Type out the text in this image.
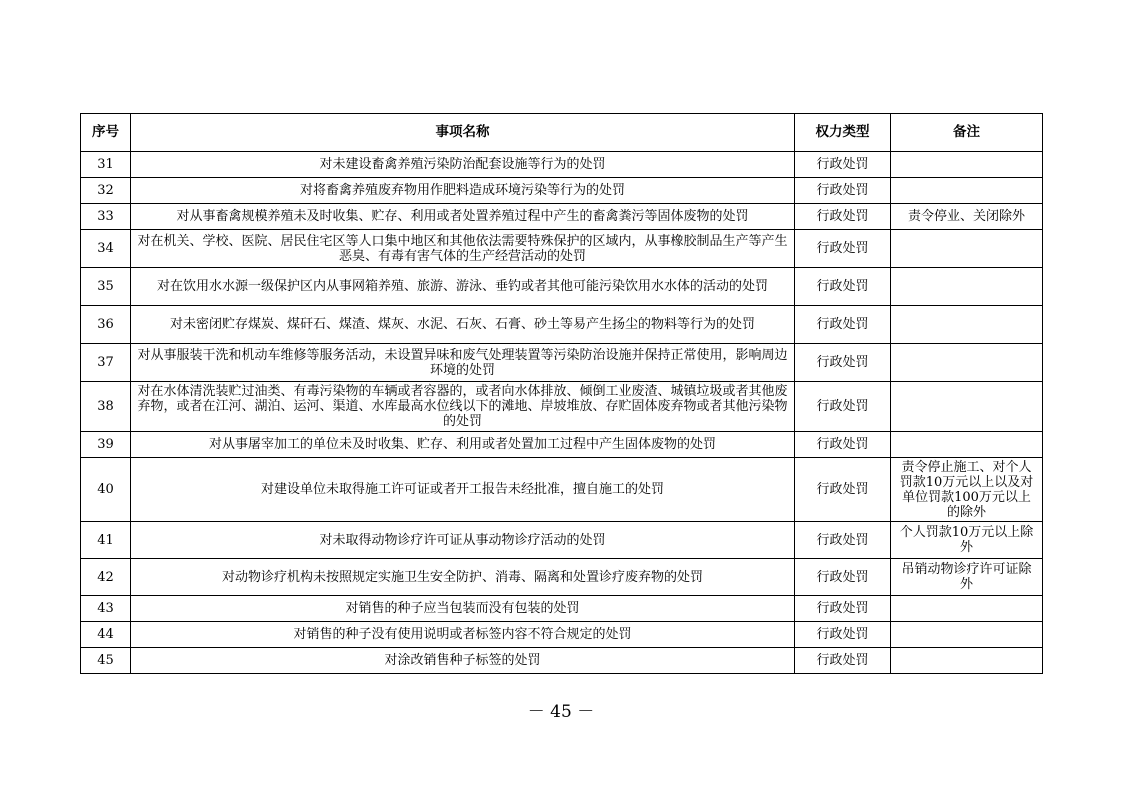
序号	事项名称	权力类型	备注
31	对未建设畜禽养殖污染防治配套设施等行为的处罚	行政处罚	
32	对将畜禽养殖废弃物用作肥料造成环境污染等行为的处罚	行政处罚	
33	对从事畜禽规模养殖未及时收集、贮存、利用或者处置养殖过程中产生的畜禽粪污等固体废物的处罚	行政处罚	责令停业、关闭除外
34	对在机关、学校、医院、居民住宅区等人口集中地区和其他依法需要特殊保护的区域内，从事橡胶制品生产等产生恶臭、有毒有害气体的生产经营活动的处罚	行政处罚	
35	对在饮用水水源一级保护区内从事网箱养殖、旅游、游泳、垂钓或者其他可能污染饮用水水体的活动的处罚	行政处罚	
36	对未密闭贮存煤炭、煤矸石、煤渣、煤灰、水泥、石灰、石膏、砂土等易产生扬尘的物料等行为的处罚	行政处罚	
37	对从事服装干洗和机动车维修等服务活动，未设置异味和废气处理装置等污染防治设施并保持正常使用，影响周边环境的处罚	行政处罚	
38	对在水体清洗装贮过油类、有毒污染物的车辆或者容器的，或者向水体排放、倾倒工业废渣、城镇垃圾或者其他废弃物，或者在江河、湖泊、运河、渠道、水库最高水位线以下的滩地、岸坡堆放、存贮固体废弃物或者其他污染物的处罚	行政处罚	
39	对从事屠宰加工的单位未及时收集、贮存、利用或者处置加工过程中产生固体废物的处罚	行政处罚	
40	对建设单位未取得施工许可证或者开工报告未经批准，擅自施工的处罚	行政处罚	责令停止施工、对个人罚款10万元以上以及对单位罚款100万元以上的除外
41	对未取得动物诊疗许可证从事动物诊疗活动的处罚	行政处罚	个人罚款10万元以上除外
42	对动物诊疗机构未按照规定实施卫生安全防护、消毒、隔离和处置诊疗废弃物的处罚	行政处罚	吊销动物诊疗许可证除外
43	对销售的种子应当包装而没有包装的处罚	行政处罚	
44	对销售的种子没有使用说明或者标签内容不符合规定的处罚	行政处罚	
45	对涂改销售种子标签的处罚	行政处罚	
－ 45 －
